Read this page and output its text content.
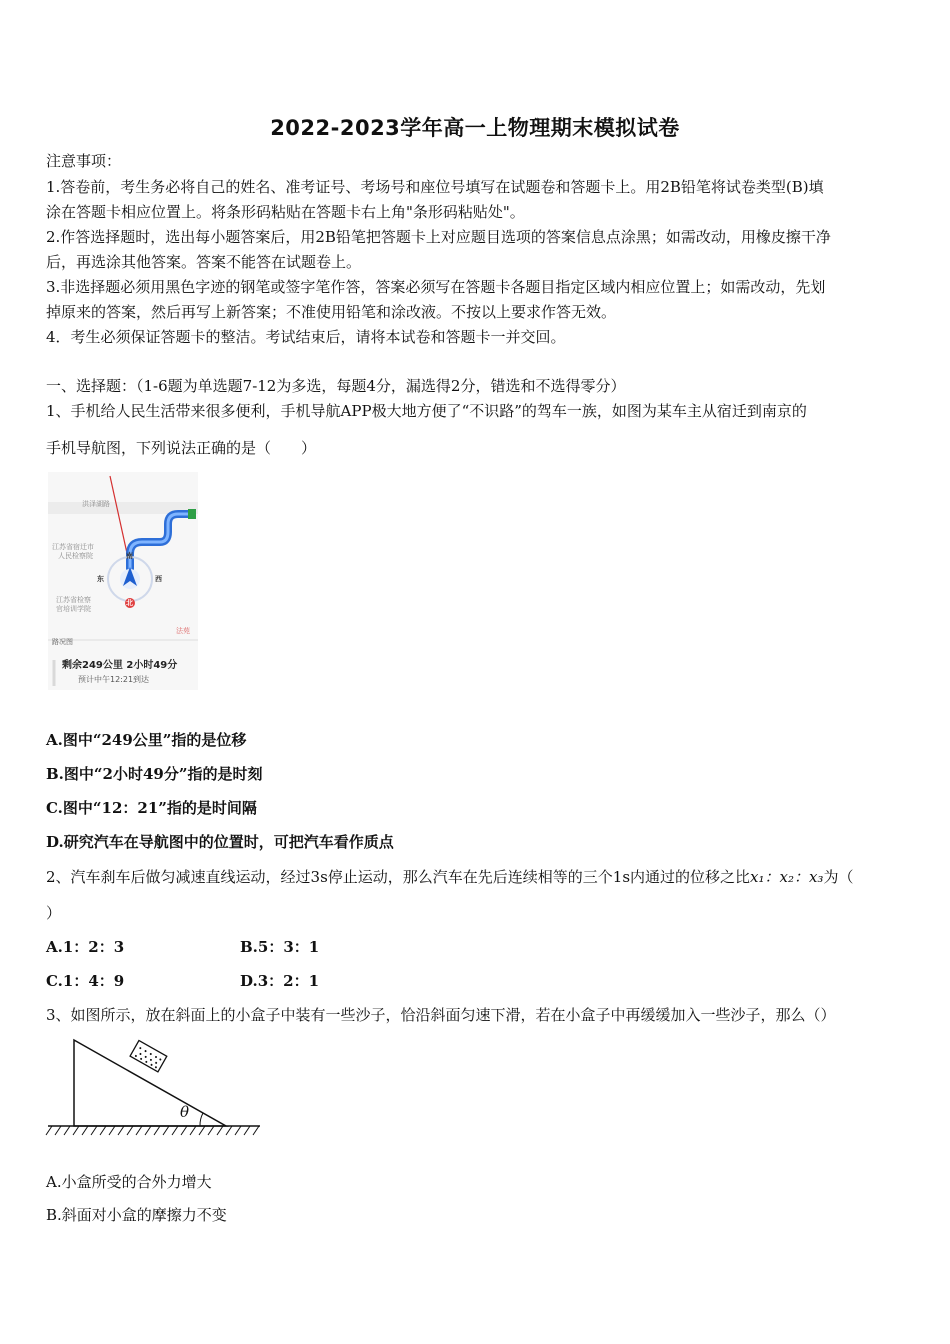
2022-2023学年高一上物理期末模拟试卷
注意事项：
1.答卷前，考生务必将自己的姓名、准考证号、考场号和座位号填写在试题卷和答题卡上。用2B铅笔将试卷类型(B)填
涂在答题卡相应位置上。将条形码粘贴在答题卡右上角"条形码粘贴处"。
2.作答选择题时，选出每小题答案后，用2B铅笔把答题卡上对应题目选项的答案信息点涂黑；如需改动，用橡皮擦干净
后，再选涂其他答案。答案不能答在试题卷上。
3.非选择题必须用黑色字迹的钢笔或签字笔作答，答案必须写在答题卡各题目指定区域内相应位置上；如需改动，先划
掉原来的答案，然后再写上新答案；不准使用铅笔和涂改液。不按以上要求作答无效。
4．考生必须保证答题卡的整洁。考试结束后，请将本试卷和答题卡一并交回。
一、选择题：（1-6题为单选题7-12为多选，每题4分，漏选得2分，错选和不选得零分）
1、手机给人民生活带来很多便利，手机导航APP极大地方便了“不识路”的驾车一族，如图为某车主从宿迁到南京的
手机导航图，下列说法正确的是（　　）
洪泽湖路
江苏省宿迁市
人民检察院
江苏省检察
官培训学院
南
东	西
北
法苑
路况图
剩余249公里 2小时49分
预计中午12:21到达
A.图中“249公里”指的是位移
B.图中“2小时49分”指的是时刻
C.图中“12：21”指的是时间隔
D.研究汽车在导航图中的位置时，可把汽车看作质点
2、汽车刹车后做匀减速直线运动，经过3s停止运动，那么汽车在先后连续相等的三个1s内通过的位移之比x₁：x₂：x₃为（
）
A.1：2：3	B.5：3：1
C.1：4：9	D.3：2：1
3、如图所示，放在斜面上的小盒子中装有一些沙子，恰沿斜面匀速下滑，若在小盒子中再缓缓加入一些沙子，那么（）
θ
A.小盒所受的合外力增大
B.斜面对小盒的摩擦力不变
